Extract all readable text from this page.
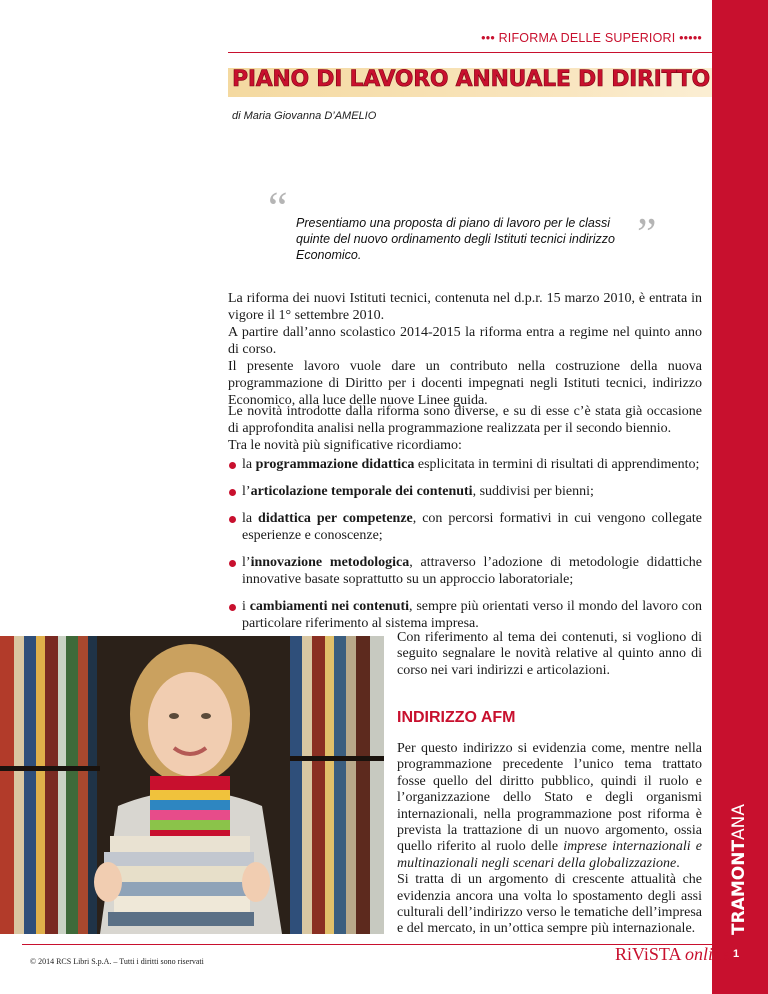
••• RIFORMA DELLE SUPERIORI •••••
PIANO DI LAVORO ANNUALE DI DIRITTO
di Maria Giovanna D’AMELIO
“ Presentiamo una proposta di piano di lavoro per le classi quinte del nuovo ordinamento degli Istituti tecnici indirizzo Economico.	”
La riforma dei nuovi Istituti tecnici, contenuta nel d.p.r. 15 marzo 2010, è entrata in vigore il 1° settembre 2010.
A partire dall’anno scolastico 2014-2015 la riforma entra a regime nel quinto anno di corso.
Il presente lavoro vuole dare un contributo nella costruzione della nuova programmazione di Diritto per i docenti impegnati negli Istituti tecnici, indirizzo Economico, alla luce delle nuove Linee guida.
Le novità introdotte dalla riforma sono diverse, e su di esse c’è stata già occasione di approfondita analisi nella programmazione realizzata per il secondo biennio.
Tra le novità più significative ricordiamo:
la programmazione didattica esplicitata in termini di risultati di apprendimento;
l’articolazione temporale dei contenuti, suddivisi per bienni;
la didattica per competenze, con percorsi formativi in cui vengono collegate esperienze e conoscenze;
l’innovazione metodologica, attraverso l’adozione di metodologie didattiche innovative basate soprattutto su un approccio laboratoriale;
i cambiamenti nei contenuti, sempre più orientati verso il mondo del lavoro con particolare riferimento al sistema impresa.
Con riferimento al tema dei contenuti, si vogliono di seguito segnalare le novità relative al quinto anno di corso nei vari indirizzi e articolazioni.
INDIRIZZO AFM
Per questo indirizzo si evidenzia come, mentre nella programmazione precedente l’unico tema trattato fosse quello del diritto pubblico, quindi il ruolo e l’organizzazione dello Stato e degli organismi internazionali, nella programmazione post riforma è prevista la trattazione di un nuovo argomento, ossia quello riferito al ruolo delle imprese internazionali e multinazionali negli scenari della globalizzazione.
Si tratta di un argomento di crescente attualità che evidenzia ancora una volta lo spostamento degli assi culturali dell’indirizzo verso le tematiche dell’impresa e del mercato, in un’ottica sempre più internazionale.	TRAMONTANA
© 2014 RCS Libri S.p.A. – Tutti i diritti sono riservati	RiViSTA online 1
